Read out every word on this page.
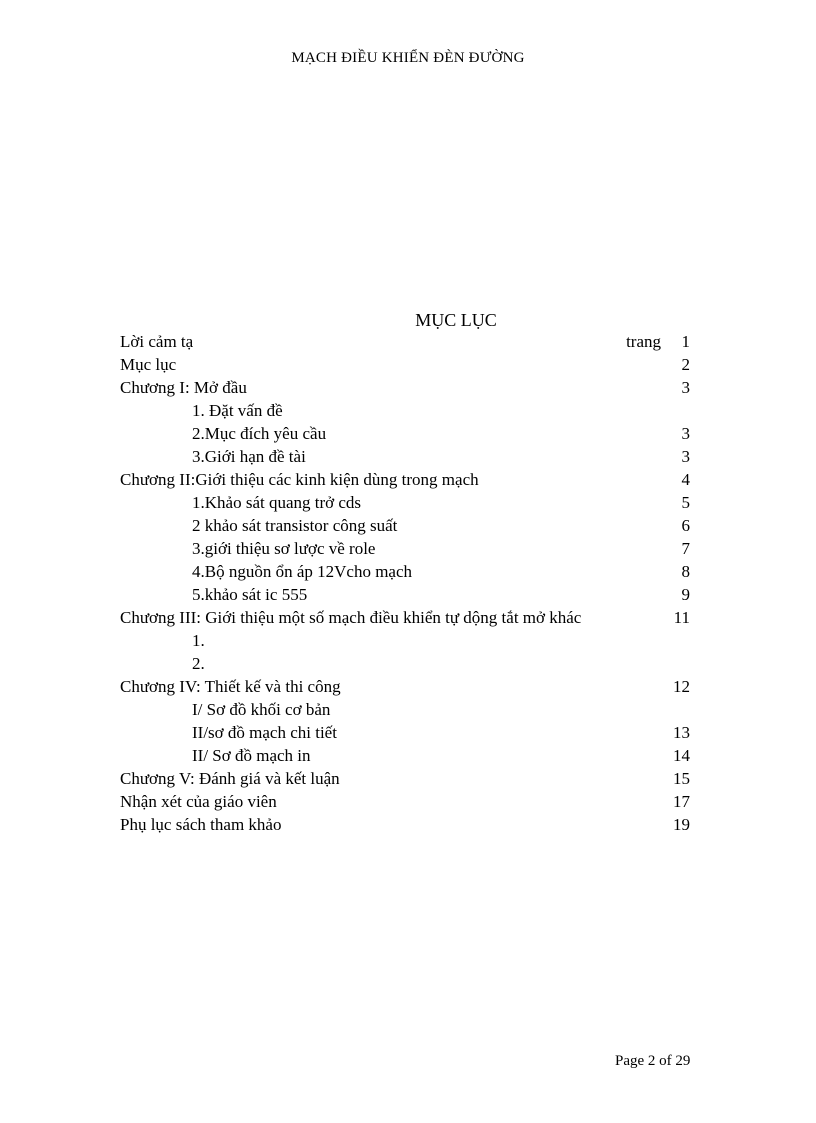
MẠCH ĐIỀU KHIỂN ĐÈN ĐƯỜNG
MỤC LỤC
Lời cảm tạ	trang 1
Mục lục	2
Chương I: Mở đầu	3
1. Đặt vấn đề
2.Mục đích yêu cầu	3
3.Giới hạn đề tài	3
Chương II:Giới thiệu các kinh kiện dùng trong mạch	4
1.Khảo sát quang trở cds	5
2 khảo sát transistor công suất	6
3.giới thiệu sơ lược về role	7
4.Bộ nguồn ổn áp 12Vcho mạch	8
5.khảo sát ic 555	9
Chương III: Giới thiệu một số mạch điều khiển tự dộng tắt mở khác	11
1.
2.
Chương IV: Thiết kế và thi công	12
I/ Sơ đồ khối cơ bản
II/sơ đồ mạch chi tiết	13
II/ Sơ đồ mạch in	14
Chương V: Đánh giá và kết luận	15
Nhận xét của giáo viên	17
Phụ lục sách tham khảo	19
Page 2 of 29
